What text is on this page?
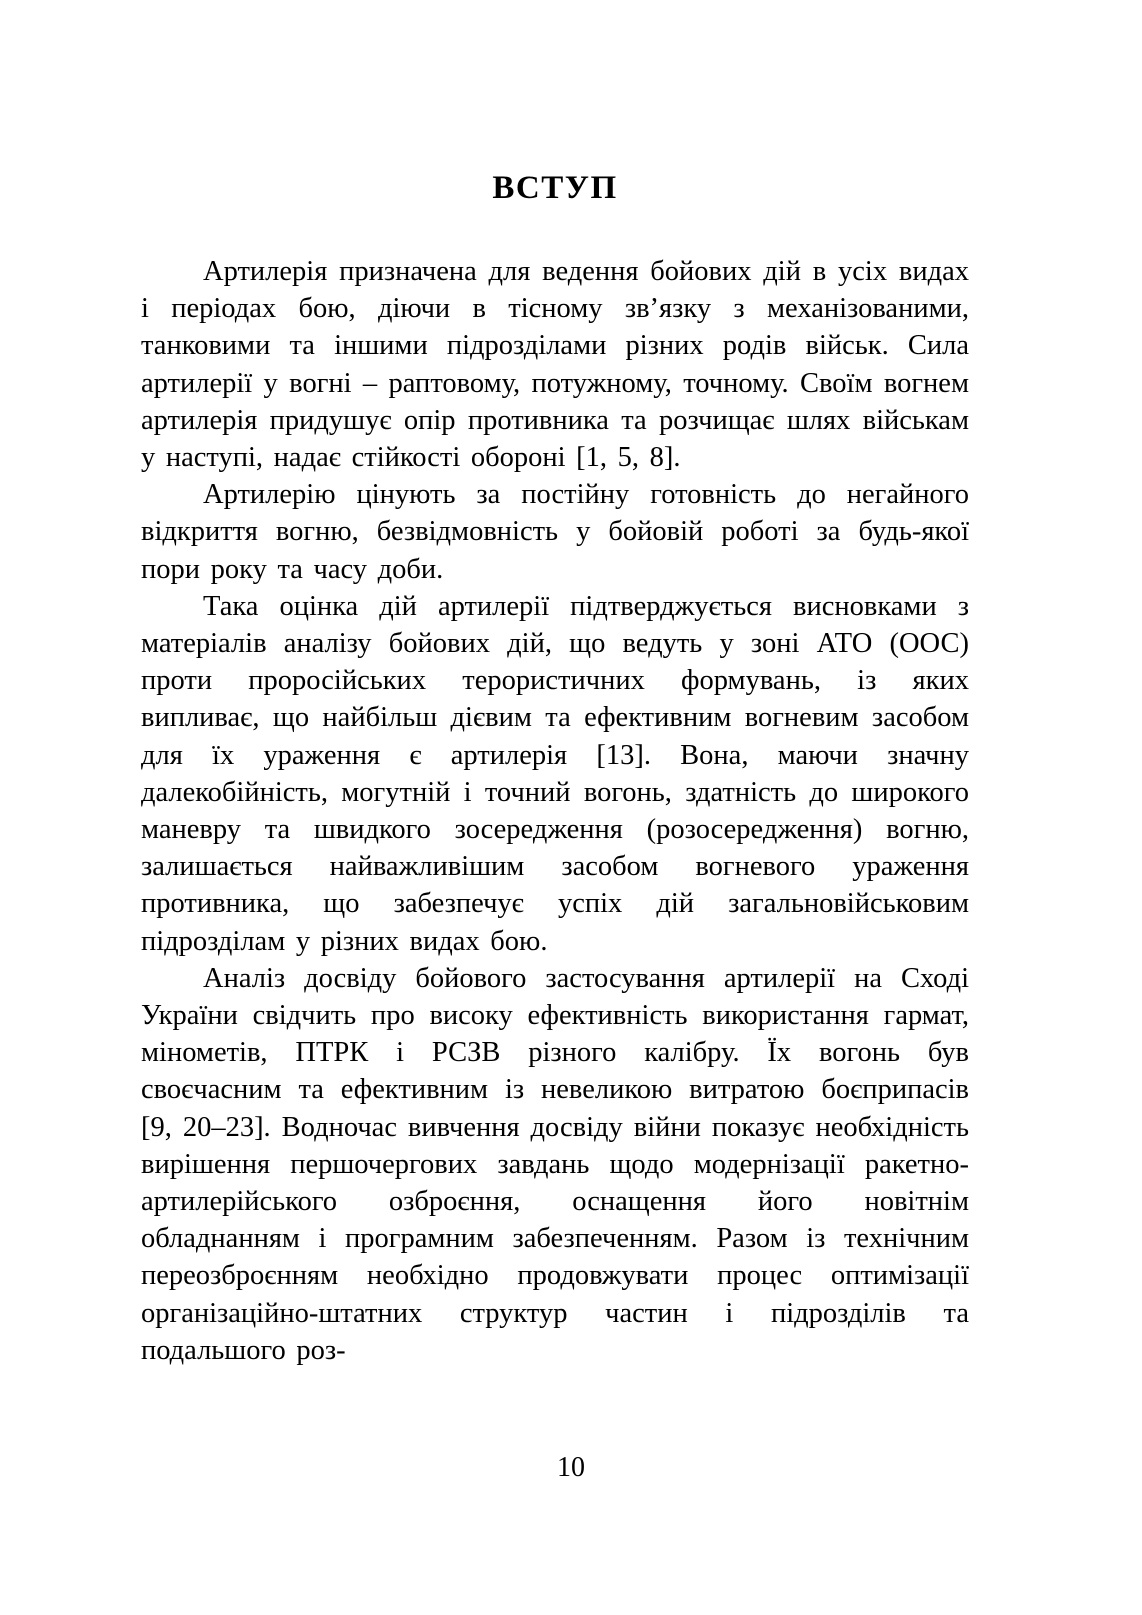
ВСТУП

Артилерія призначена для ведення бойових дій в усіх видах і періодах бою, діючи в тісному зв’язку з механізованими, танковими та іншими підрозділами різних родів військ. Сила артилерії у вогні – раптовому, потужному, точному. Своїм вогнем артилерія придушує опір противника та розчищає шлях військам у наступі, надає стійкості обороні [1, 5, 8].

Артилерію цінують за постійну готовність до негайного відкриття вогню, безвідмовність у бойовій роботі за будь-якої пори року та часу доби.

Така оцінка дій артилерії підтверджується висновками з матеріалів аналізу бойових дій, що ведуть у зоні АТО (ООС) проти проросійських терористичних формувань, із яких випливає, що найбільш дієвим та ефективним вогневим засобом для їх ураження є артилерія [13]. Вона, маючи значну далекобійність, могутній і точний вогонь, здатність до широкого маневру та швидкого зосередження (розосередження) вогню, залишається найважливішим засобом вогневого ураження противника, що забезпечує успіх дій загальновійськовим підрозділам у різних видах бою.

Аналіз досвіду бойового застосування артилерії на Сході України свідчить про високу ефективність використання гармат, мінометів, ПТРК і РСЗВ різного калібру. Їх вогонь був своєчасним та ефективним із невеликою витратою боєприпасів [9, 20–23]. Водночас вивчення досвіду війни показує необхідність вирішення першочергових завдань щодо модернізації ракетно-артилерійського озброєння, оснащення його новітнім обладнанням і програмним забезпеченням. Разом із технічним переозброєнням необхідно продовжувати процес оптимізації організаційно-штатних структур частин і підрозділів та подальшого роз-

10
